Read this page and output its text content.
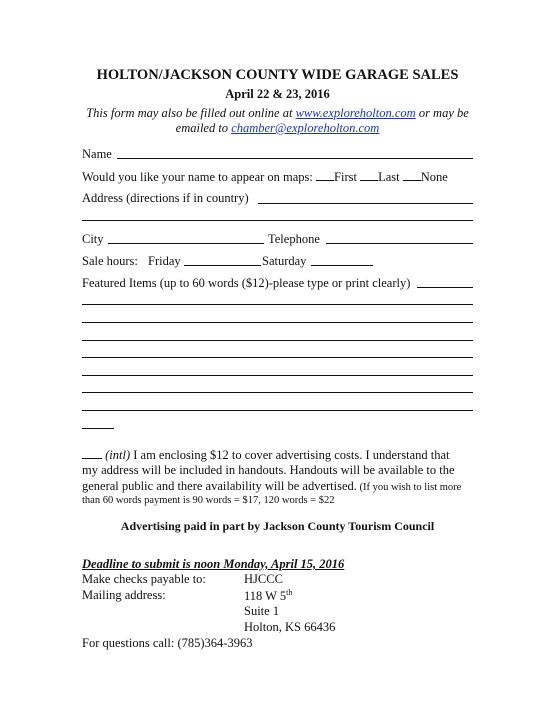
HOLTON/JACKSON COUNTY WIDE GARAGE SALES
April 22 & 23, 2016
This form may also be filled out online at www.exploreholton.com or may be
emailed to chamber@exploreholton.com
Name
Would you like your name to appear on maps: First Last None
Address (directions if in country)
City	Telephone
Sale hours: Friday	Saturday
Featured Items (up to 60 words ($12)-please type or print clearly)
(intl) I am enclosing $12 to cover advertising costs. I understand that
my address will be included in handouts. Handouts will be available to the
general public and there availability will be advertised. (If you wish to list more
than 60 words payment is 90 words = $17, 120 words = $22
Advertising paid in part by Jackson County Tourism Council
Deadline to submit is noon Monday, April 15, 2016
Make checks payable to:	HJCCC
Mailing address:	118 W 5th
Suite 1
Holton, KS 66436
For questions call: (785)364-3963
